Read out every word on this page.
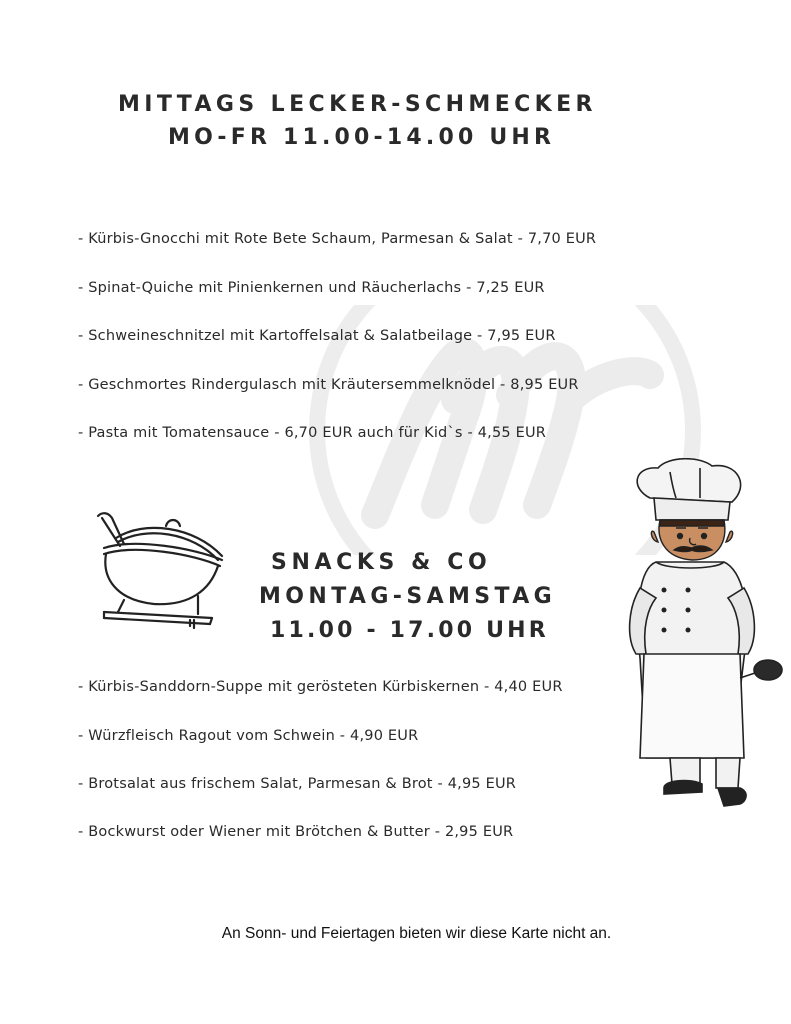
MITTAGS LECKER-SCHMECKER
MO-FR 11.00-14.00 UHR

- Kürbis-Gnocchi mit Rote Bete Schaum, Parmesan & Salat - 7,70 EUR

- Spinat-Quiche mit Pinienkernen und Räucherlachs - 7,25 EUR

- Schweineschnitzel mit Kartoffelsalat & Salatbeilage - 7,95 EUR

- Geschmortes Rindergulasch mit Kräutersemmelknödel - 8,95 EUR

- Pasta mit Tomatensauce - 6,70 EUR auch für Kid`s - 4,55 EUR

SNACKS & CO
MONTAG-SAMSTAG
11.00 - 17.00 UHR

- Kürbis-Sanddorn-Suppe mit gerösteten Kürbiskernen - 4,40 EUR

- Würzfleisch Ragout vom Schwein - 4,90 EUR

- Brotsalat aus frischem Salat, Parmesan & Brot - 4,95 EUR

- Bockwurst oder Wiener mit Brötchen & Butter - 2,95 EUR

An Sonn- und Feiertagen bieten wir diese Karte nicht an.
